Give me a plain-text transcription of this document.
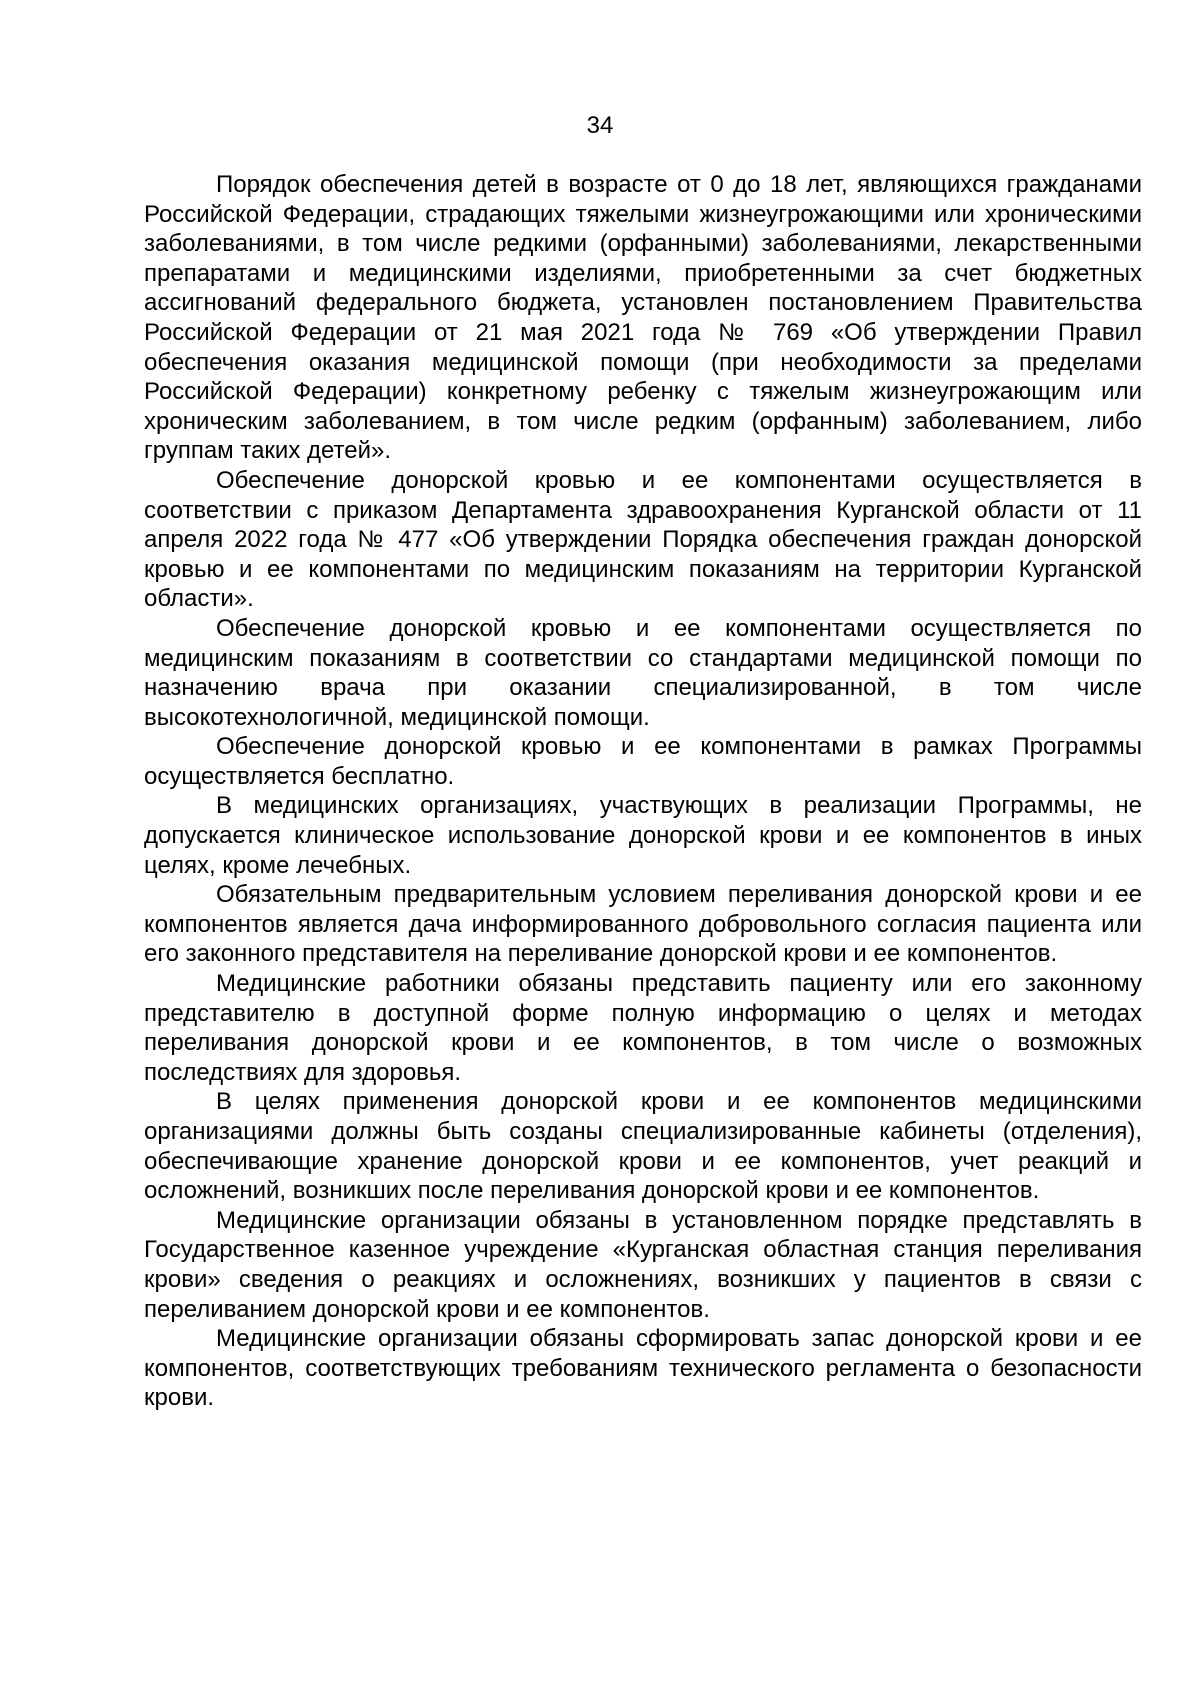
34

Порядок обеспечения детей в возрасте от 0 до 18 лет, являющихся гражданами Российской Федерации, страдающих тяжелыми жизнеугрожающими или хроническими заболеваниями, в том числе редкими (орфанными) заболеваниями, лекарственными препаратами и медицинскими изделиями, приобретенными за счет бюджетных ассигнований федерального бюджета, установлен постановлением Правительства Российской Федерации от 21 мая 2021 года № 769 «Об утверждении Правил обеспечения оказания медицинской помощи (при необходимости за пределами Российской Федерации) конкретному ребенку с тяжелым жизнеугрожающим или хроническим заболеванием, в том числе редким (орфанным) заболеванием, либо группам таких детей».

Обеспечение донорской кровью и ее компонентами осуществляется в соответствии с приказом Департамента здравоохранения Курганской области от 11 апреля 2022 года № 477 «Об утверждении Порядка обеспечения граждан донорской кровью и ее компонентами по медицинским показаниям на территории Курганской области».

Обеспечение донорской кровью и ее компонентами осуществляется по медицинским показаниям в соответствии со стандартами медицинской помощи по назначению врача при оказании специализированной, в том числе высокотехнологичной, медицинской помощи.

Обеспечение донорской кровью и ее компонентами в рамках Программы осуществляется бесплатно.

В медицинских организациях, участвующих в реализации Программы, не допускается клиническое использование донорской крови и ее компонентов в иных целях, кроме лечебных.

Обязательным предварительным условием переливания донорской крови и ее компонентов является дача информированного добровольного согласия пациента или его законного представителя на переливание донорской крови и ее компонентов.

Медицинские работники обязаны представить пациенту или его законному представителю в доступной форме полную информацию о целях и методах переливания донорской крови и ее компонентов, в том числе о возможных последствиях для здоровья.

В целях применения донорской крови и ее компонентов медицинскими организациями должны быть созданы специализированные кабинеты (отделения), обеспечивающие хранение донорской крови и ее компонентов, учет реакций и осложнений, возникших после переливания донорской крови и ее компонентов.

Медицинские организации обязаны в установленном порядке представлять в Государственное казенное учреждение «Курганская областная станция переливания крови» сведения о реакциях и осложнениях, возникших у пациентов в связи с переливанием донорской крови и ее компонентов.

Медицинские организации обязаны сформировать запас донорской крови и ее компонентов, соответствующих требованиям технического регламента о безопасности крови.
